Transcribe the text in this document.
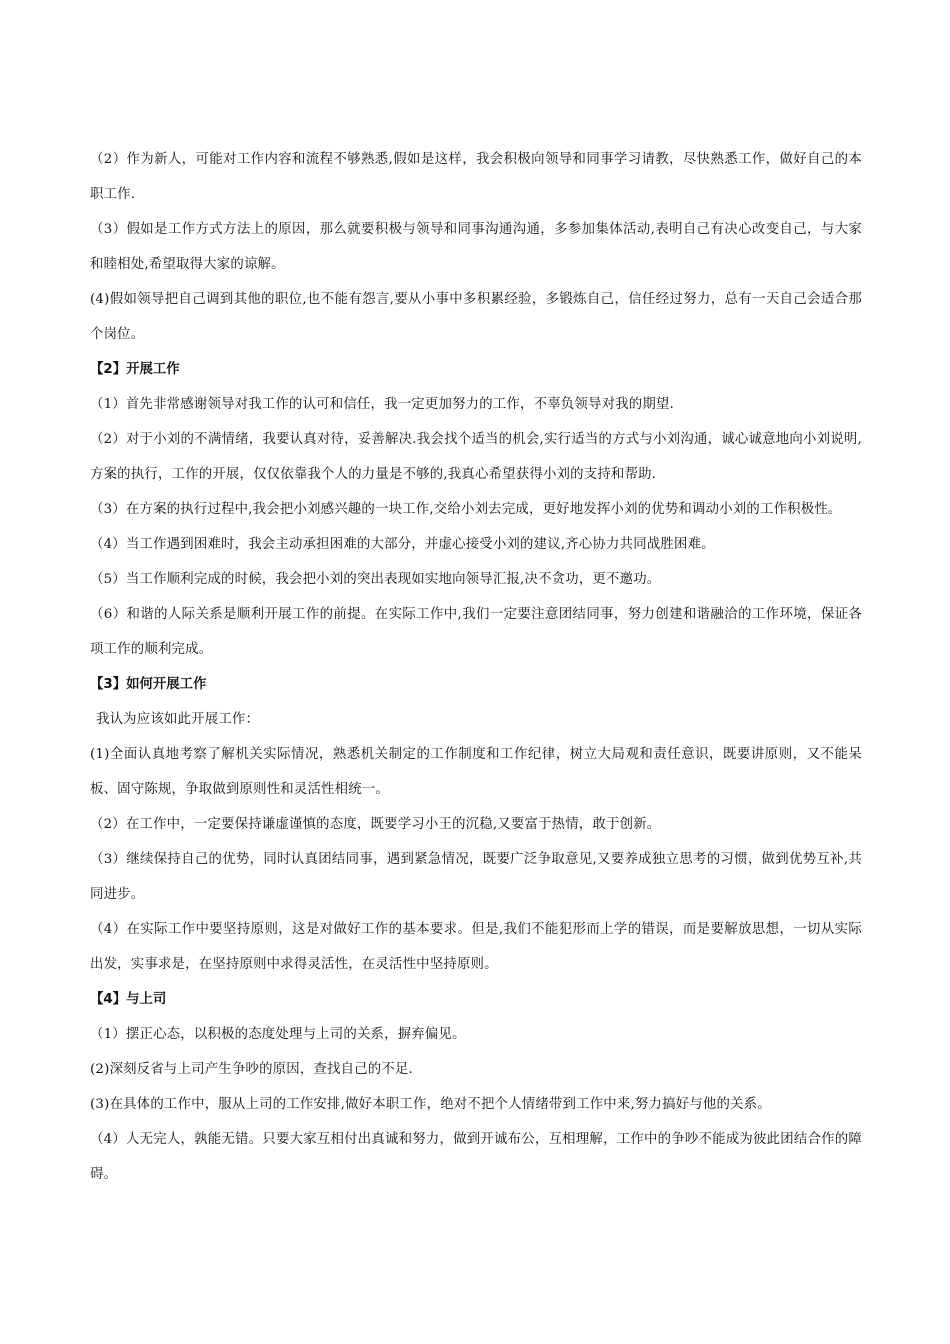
（2）作为新人，可能对工作内容和流程不够熟悉,假如是这样，我会积极向领导和同事学习请教，尽快熟悉工作，做好自己的本职工作.

（3）假如是工作方式方法上的原因，那么就要积极与领导和同事沟通沟通，多参加集体活动,表明自己有决心改变自己，与大家和睦相处,希望取得大家的谅解。

(4)假如领导把自己调到其他的职位,也不能有怨言,要从小事中多积累经验，多锻炼自己，信任经过努力，总有一天自己会适合那个岗位。

【2】开展工作

（1）首先非常感谢领导对我工作的认可和信任，我一定更加努力的工作，不辜负领导对我的期望.

（2）对于小刘的不满情绪，我要认真对待，妥善解决.我会找个适当的机会,实行适当的方式与小刘沟通，诚心诚意地向小刘说明,方案的执行，工作的开展，仅仅依靠我个人的力量是不够的,我真心希望获得小刘的支持和帮助.

（3）在方案的执行过程中,我会把小刘感兴趣的一块工作,交给小刘去完成，更好地发挥小刘的优势和调动小刘的工作积极性。

（4）当工作遇到困难时，我会主动承担困难的大部分，并虚心接受小刘的建议,齐心协力共同战胜困难。

（5）当工作顺利完成的时候，我会把小刘的突出表现如实地向领导汇报,决不贪功，更不邀功。

（6）和谐的人际关系是顺利开展工作的前提。在实际工作中,我们一定要注意团结同事，努力创建和谐融洽的工作环境，保证各项工作的顺利完成。

【3】如何开展工作

我认为应该如此开展工作：

(1)全面认真地考察了解机关实际情况，熟悉机关制定的工作制度和工作纪律，树立大局观和责任意识，既要讲原则，又不能呆板、固守陈规，争取做到原则性和灵活性相统一。

（2）在工作中，一定要保持谦虚谨慎的态度，既要学习小王的沉稳,又要富于热情，敢于创新。

（3）继续保持自己的优势，同时认真团结同事，遇到紧急情况，既要广泛争取意见,又要养成独立思考的习惯，做到优势互补,共同进步。

（4）在实际工作中要坚持原则，这是对做好工作的基本要求。但是,我们不能犯形而上学的错误，而是要解放思想，一切从实际出发，实事求是，在坚持原则中求得灵活性，在灵活性中坚持原则。

【4】与上司

（1）摆正心态，以积极的态度处理与上司的关系，摒弃偏见。

(2)深刻反省与上司产生争吵的原因，查找自己的不足.

(3)在具体的工作中，服从上司的工作安排,做好本职工作，绝对不把个人情绪带到工作中来,努力搞好与他的关系。

（4）人无完人，孰能无错。只要大家互相付出真诚和努力，做到开诚布公，互相理解，工作中的争吵不能成为彼此团结合作的障碍。
